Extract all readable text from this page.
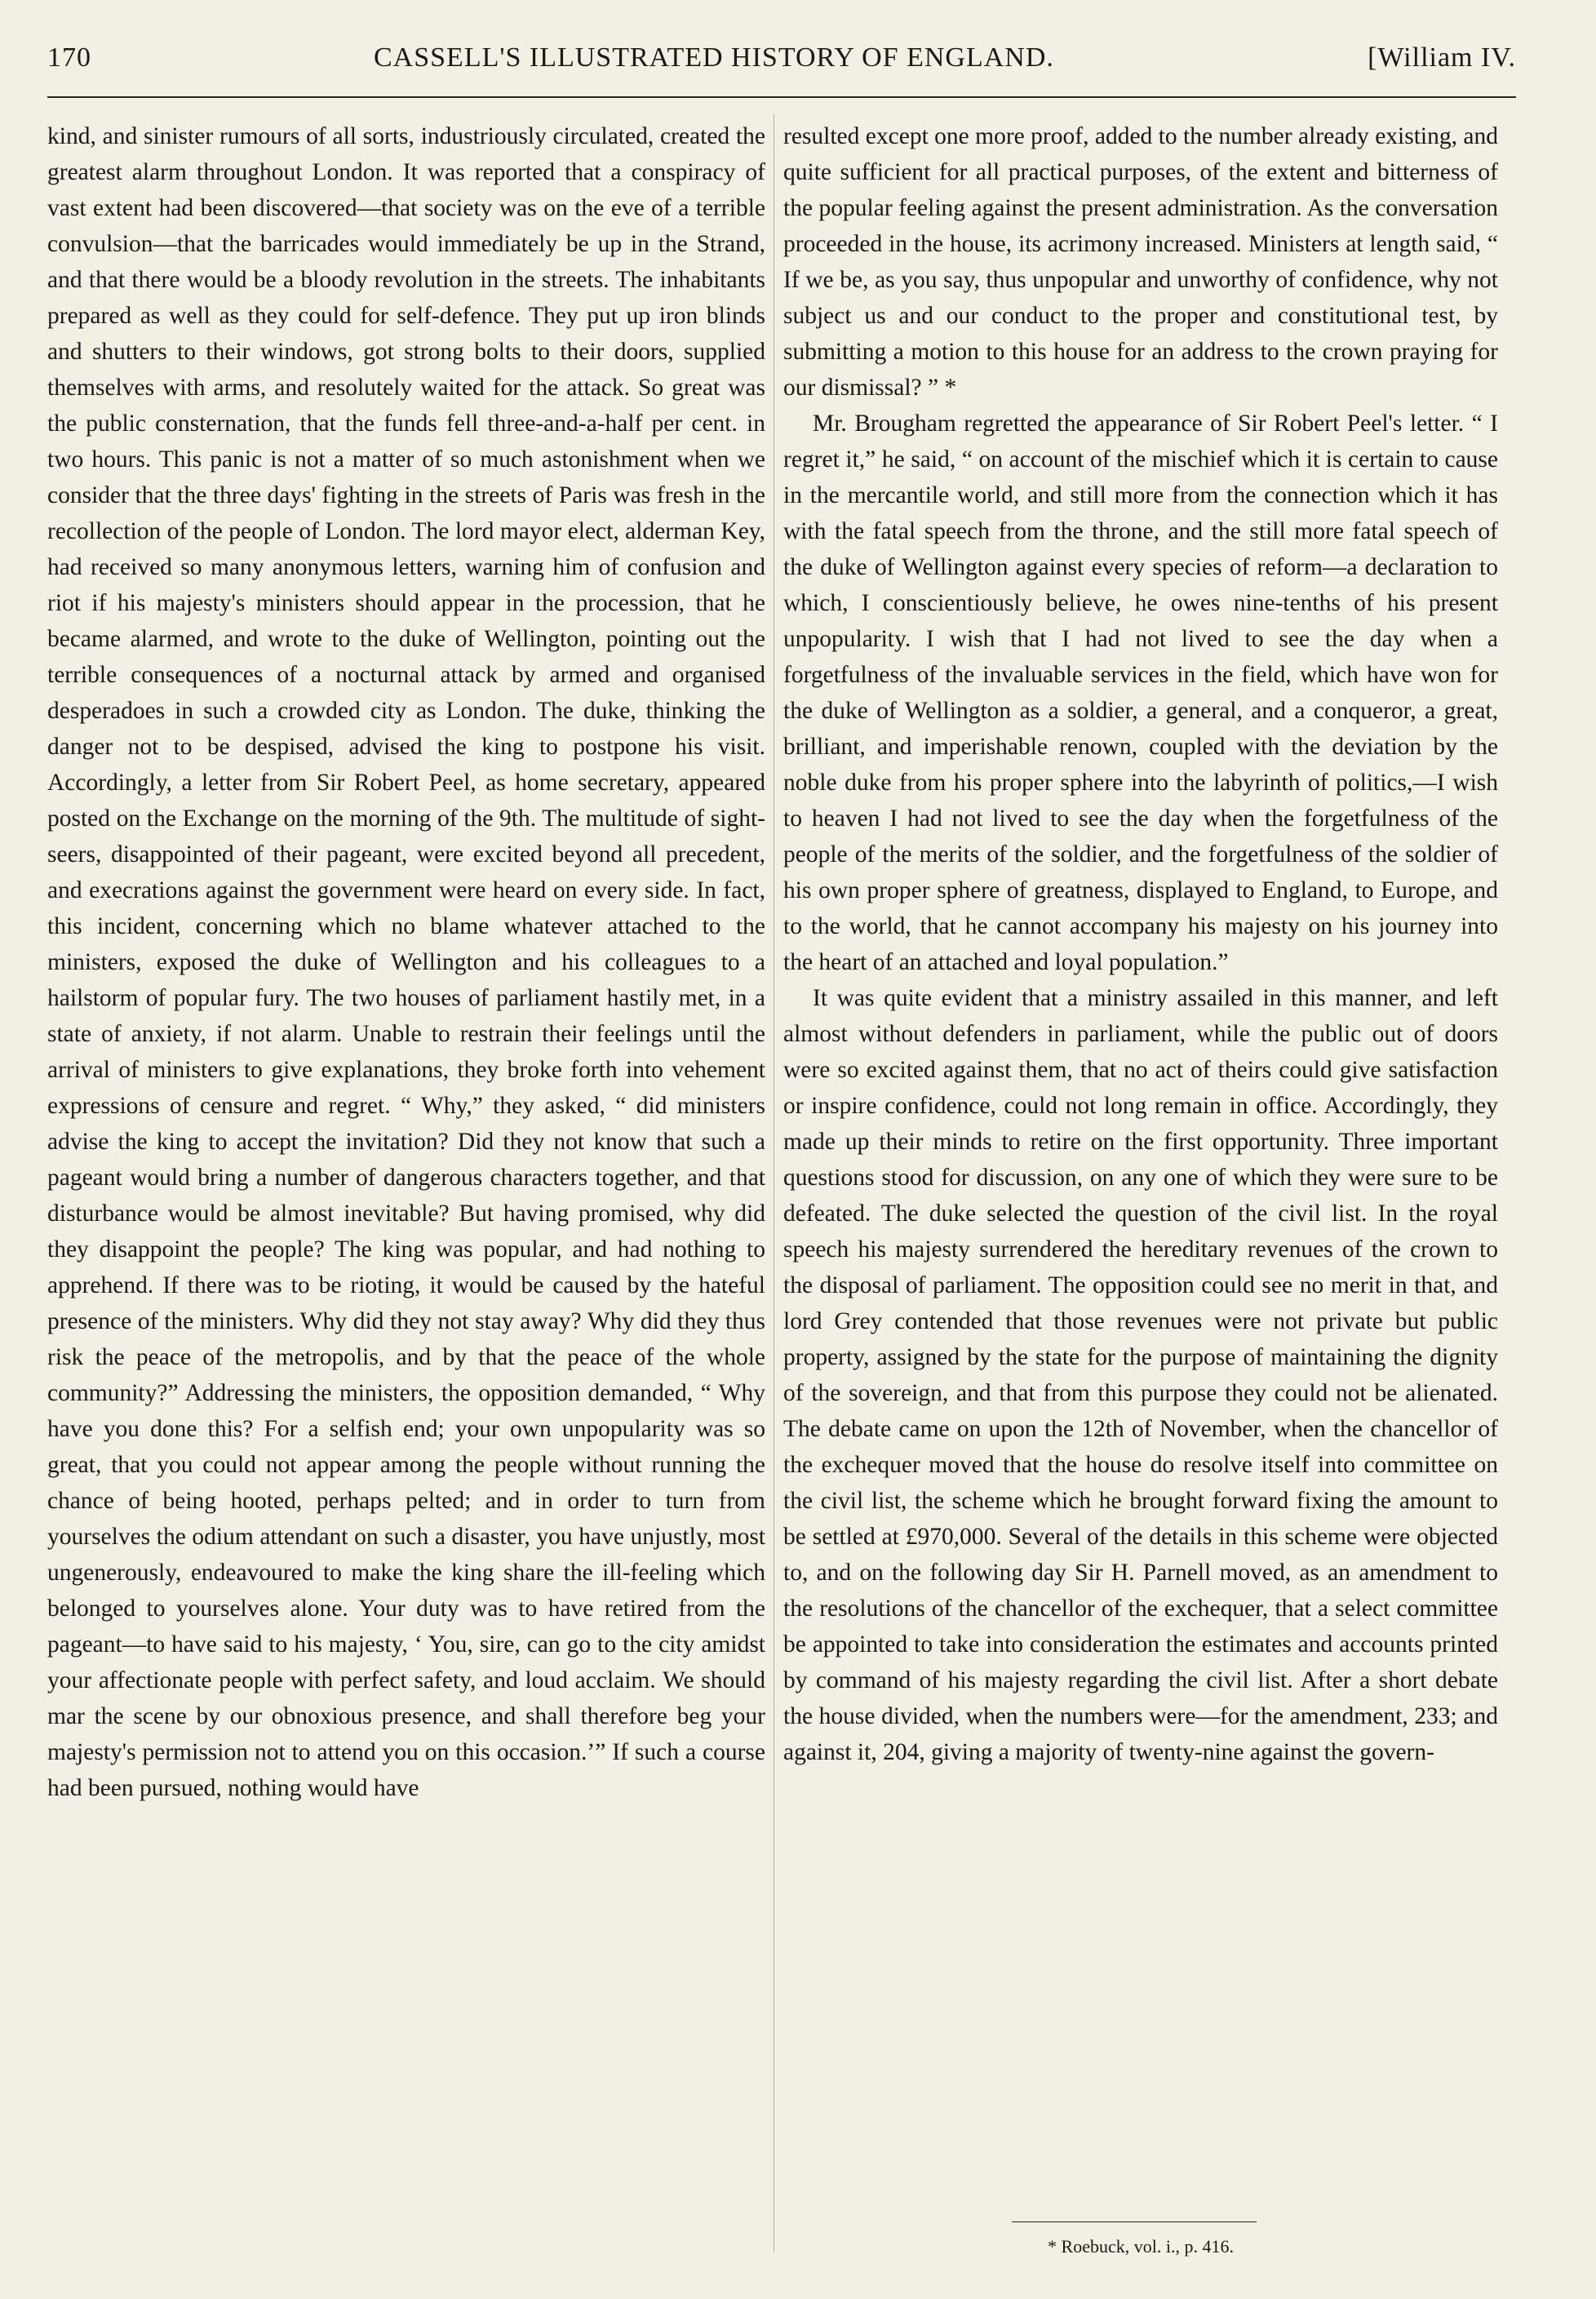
170	CASSELL'S ILLUSTRATED HISTORY OF ENGLAND.	[William IV.

kind, and sinister rumours of all sorts, industriously circulated, created the greatest alarm throughout London. It was reported that a conspiracy of vast extent had been discovered—that society was on the eve of a terrible convulsion—that the barricades would immediately be up in the Strand, and that there would be a bloody revolution in the streets. The inhabitants prepared as well as they could for self-defence. They put up iron blinds and shutters to their windows, got strong bolts to their doors, supplied themselves with arms, and resolutely waited for the attack. So great was the public consternation, that the funds fell three-and-a-half per cent. in two hours. This panic is not a matter of so much astonishment when we consider that the three days' fighting in the streets of Paris was fresh in the recollection of the people of London. The lord mayor elect, alderman Key, had received so many anonymous letters, warning him of confusion and riot if his majesty's ministers should appear in the procession, that he became alarmed, and wrote to the duke of Wellington, pointing out the terrible consequences of a nocturnal attack by armed and organised desperadoes in such a crowded city as London. The duke, thinking the danger not to be despised, advised the king to postpone his visit. Accordingly, a letter from Sir Robert Peel, as home secretary, appeared posted on the Exchange on the morning of the 9th. The multitude of sight-seers, disappointed of their pageant, were excited beyond all precedent, and execrations against the government were heard on every side. In fact, this incident, concerning which no blame whatever attached to the ministers, exposed the duke of Wellington and his colleagues to a hailstorm of popular fury. The two houses of parliament hastily met, in a state of anxiety, if not alarm. Unable to restrain their feelings until the arrival of ministers to give explanations, they broke forth into vehement expressions of censure and regret. “ Why,” they asked, “ did ministers advise the king to accept the invitation? Did they not know that such a pageant would bring a number of dangerous characters together, and that disturbance would be almost inevitable? But having promised, why did they disappoint the people? The king was popular, and had nothing to apprehend. If there was to be rioting, it would be caused by the hateful presence of the ministers. Why did they not stay away? Why did they thus risk the peace of the metropolis, and by that the peace of the whole community?” Addressing the ministers, the opposition demanded, “ Why have you done this? For a selfish end; your own unpopularity was so great, that you could not appear among the people without running the chance of being hooted, perhaps pelted; and in order to turn from yourselves the odium attendant on such a disaster, you have unjustly, most ungenerously, endeavoured to make the king share the ill-feeling which belonged to yourselves alone. Your duty was to have retired from the pageant—to have said to his majesty, ‘ You, sire, can go to the city amidst your affectionate people with perfect safety, and loud acclaim. We should mar the scene by our obnoxious presence, and shall therefore beg your majesty's permission not to attend you on this occasion.’” If such a course had been pursued, nothing would have

resulted except one more proof, added to the number already existing, and quite sufficient for all practical purposes, of the extent and bitterness of the popular feeling against the present administration. As the conversation proceeded in the house, its acrimony increased. Ministers at length said, “ If we be, as you say, thus unpopular and unworthy of confidence, why not subject us and our conduct to the proper and constitutional test, by submitting a motion to this house for an address to the crown praying for our dismissal? ” *

Mr. Brougham regretted the appearance of Sir Robert Peel's letter. “ I regret it,” he said, “ on account of the mischief which it is certain to cause in the mercantile world, and still more from the connection which it has with the fatal speech from the throne, and the still more fatal speech of the duke of Wellington against every species of reform—a declaration to which, I conscientiously believe, he owes nine-tenths of his present unpopularity. I wish that I had not lived to see the day when a forgetfulness of the invaluable services in the field, which have won for the duke of Wellington as a soldier, a general, and a conqueror, a great, brilliant, and imperishable renown, coupled with the deviation by the noble duke from his proper sphere into the labyrinth of politics,—I wish to heaven I had not lived to see the day when the forgetfulness of the people of the merits of the soldier, and the forgetfulness of the soldier of his own proper sphere of greatness, displayed to England, to Europe, and to the world, that he cannot accompany his majesty on his journey into the heart of an attached and loyal population.”

It was quite evident that a ministry assailed in this manner, and left almost without defenders in parliament, while the public out of doors were so excited against them, that no act of theirs could give satisfaction or inspire confidence, could not long remain in office. Accordingly, they made up their minds to retire on the first opportunity. Three important questions stood for discussion, on any one of which they were sure to be defeated. The duke selected the question of the civil list. In the royal speech his majesty surrendered the hereditary revenues of the crown to the disposal of parliament. The opposition could see no merit in that, and lord Grey contended that those revenues were not private but public property, assigned by the state for the purpose of maintaining the dignity of the sovereign, and that from this purpose they could not be alienated. The debate came on upon the 12th of November, when the chancellor of the exchequer moved that the house do resolve itself into committee on the civil list, the scheme which he brought forward fixing the amount to be settled at £970,000. Several of the details in this scheme were objected to, and on the following day Sir H. Parnell moved, as an amendment to the resolutions of the chancellor of the exchequer, that a select committee be appointed to take into consideration the estimates and accounts printed by command of his majesty regarding the civil list. After a short debate the house divided, when the numbers were—for the amendment, 233; and against it, 204, giving a majority of twenty-nine against the govern-

* Roebuck, vol. i., p. 416.
